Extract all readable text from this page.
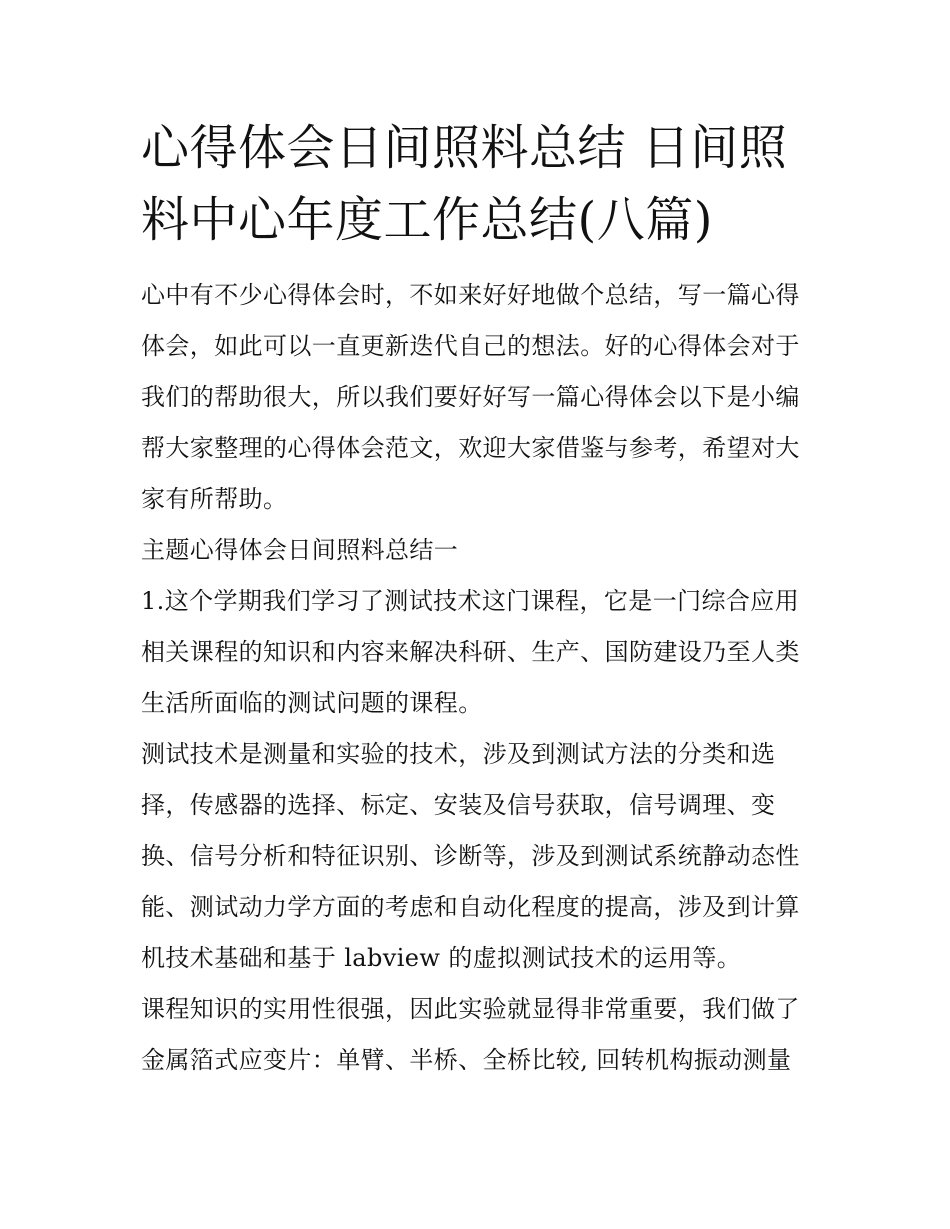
心得体会日间照料总结 日间照
料中心年度工作总结(八篇)

心中有不少心得体会时，不如来好好地做个总结，写一篇心得
体会，如此可以一直更新迭代自己的想法。好的心得体会对于
我们的帮助很大，所以我们要好好写一篇心得体会以下是小编
帮大家整理的心得体会范文，欢迎大家借鉴与参考，希望对大
家有所帮助。

主题心得体会日间照料总结一

1.这个学期我们学习了测试技术这门课程，它是一门综合应用
相关课程的知识和内容来解决科研、生产、国防建设乃至人类
生活所面临的测试问题的课程。

测试技术是测量和实验的技术，涉及到测试方法的分类和选
择，传感器的选择、标定、安装及信号获取，信号调理、变
换、信号分析和特征识别、诊断等，涉及到测试系统静动态性
能、测试动力学方面的考虑和自动化程度的提高，涉及到计算
机技术基础和基于 labview 的虚拟测试技术的运用等。

课程知识的实用性很强，因此实验就显得非常重要，我们做了
金属箔式应变片：单臂、半桥、全桥比较, 回转机构振动测量
